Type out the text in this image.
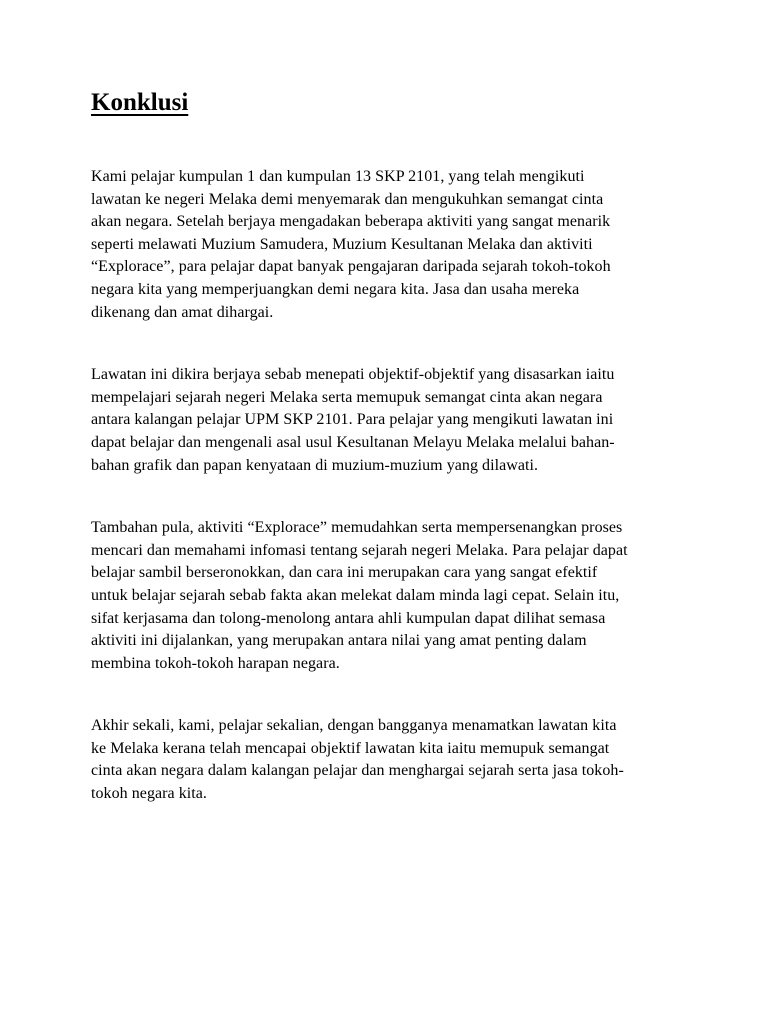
Konklusi
Kami pelajar kumpulan 1 dan kumpulan 13 SKP 2101, yang telah mengikuti
lawatan ke negeri Melaka demi menyemarak dan mengukuhkan semangat cinta
akan negara. Setelah berjaya mengadakan beberapa aktiviti yang sangat menarik
seperti melawati Muzium Samudera, Muzium Kesultanan Melaka dan aktiviti
“Explorace”, para pelajar dapat banyak pengajaran daripada sejarah tokoh-tokoh
negara kita yang memperjuangkan demi negara kita. Jasa dan usaha mereka
dikenang dan amat dihargai.
Lawatan ini dikira berjaya sebab menepati objektif-objektif yang disasarkan iaitu
mempelajari sejarah negeri Melaka serta memupuk semangat cinta akan negara
antara kalangan pelajar UPM SKP 2101. Para pelajar yang mengikuti lawatan ini
dapat belajar dan mengenali asal usul Kesultanan Melayu Melaka melalui bahan-
bahan grafik dan papan kenyataan di muzium-muzium yang dilawati.
Tambahan pula, aktiviti “Explorace” memudahkan serta mempersenangkan proses
mencari dan memahami infomasi tentang sejarah negeri Melaka. Para pelajar dapat
belajar sambil berseronokkan, dan cara ini merupakan cara yang sangat efektif
untuk belajar sejarah sebab fakta akan melekat dalam minda lagi cepat. Selain itu,
sifat kerjasama dan tolong-menolong antara ahli kumpulan dapat dilihat semasa
aktiviti ini dijalankan, yang merupakan antara nilai yang amat penting dalam
membina tokoh-tokoh harapan negara.
Akhir sekali, kami, pelajar sekalian, dengan bangganya menamatkan lawatan kita
ke Melaka kerana telah mencapai objektif lawatan kita iaitu memupuk semangat
cinta akan negara dalam kalangan pelajar dan menghargai sejarah serta jasa tokoh-
tokoh negara kita.
